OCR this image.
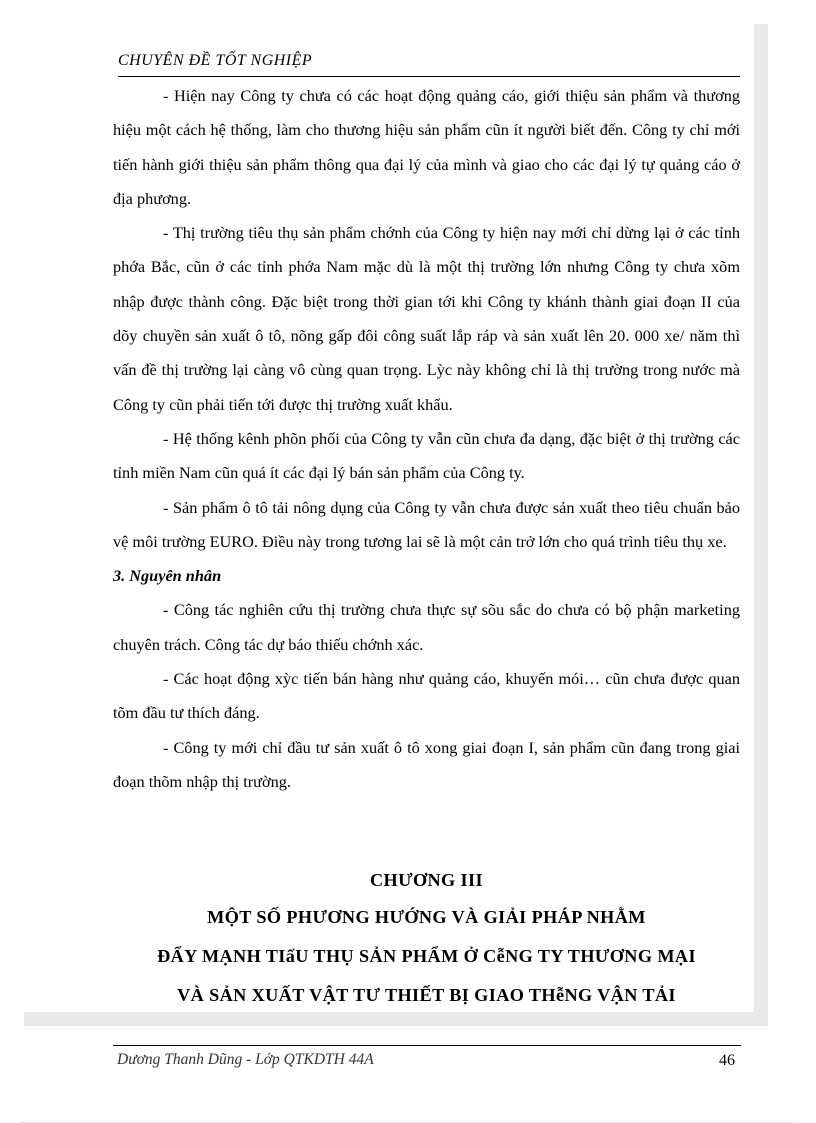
CHUYÊN ĐỀ TỐT NGHIỆP

- Hiện nay Công ty chưa có các hoạt động quảng cáo, giới thiệu sản phẩm và thương hiệu một cách hệ thống, làm cho thương hiệu sản phẩm cũn ít người biết đến. Công ty chỉ mới tiến hành giới thiệu sản phẩm thông qua đại lý của mình và giao cho các đại lý tự quảng cáo ở địa phương.

- Thị trường tiêu thụ sản phẩm chớnh của Công ty hiện nay mới chỉ dừng lại ở các tỉnh phớa Bắc, cũn ở các tỉnh phớa Nam mặc dù là một thị trường lớn nhưng Công ty chưa xõm nhập được thành công. Đặc biệt trong thời gian tới khi Công ty khánh thành giai đoạn II của dõy chuyền sản xuất ô tô, nõng gấp đôi công suất lắp ráp và sản xuất lên 20. 000 xe/ năm thì vấn đề thị trường lại càng vô cùng quan trọng. Lỳc này không chỉ là thị trường trong nước mà Công ty cũn phải tiến tới được thị trường xuất khẩu.

- Hệ thống kênh phõn phối của Công ty vẫn cũn chưa đa dạng, đặc biệt ở thị trường các tỉnh miền Nam cũn quá ít các đại lý bán sản phẩm của Công ty.

- Sản phẩm ô tô tải nông dụng của Công ty vẫn chưa được sản xuất theo tiêu chuẩn bảo vệ môi trường EURO. Điều này trong tương lai sẽ là một cản trở lớn cho quá trình tiêu thụ xe.

3. Nguyên nhân

- Công tác nghiên cứu thị trường chưa thực sự sõu sắc do chưa có bộ phận marketing chuyên trách. Công tác dự báo thiếu chớnh xác.

- Các hoạt động xỳc tiến bán hàng như quảng cáo, khuyến mói… cũn chưa được quan tõm đầu tư thích đáng.

- Công ty mới chỉ đầu tư sản xuất ô tô xong giai đoạn I, sản phẩm cũn đang trong giai đoạn thõm nhập thị trường.

CHƯƠNG III
MỘT SỐ PHƯƠNG HƯỚNG VÀ GIẢI PHÁP NHẰM
ĐẨY MẠNH TIấU THỤ SẢN PHẨM Ở CễNG TY THƯƠNG MẠI
VÀ SẢN XUẤT VẬT TƯ THIẾT BỊ GIAO THễNG VẬN TẢI
Dương Thanh Dũng - Lớp QTKDTH 44A	46
